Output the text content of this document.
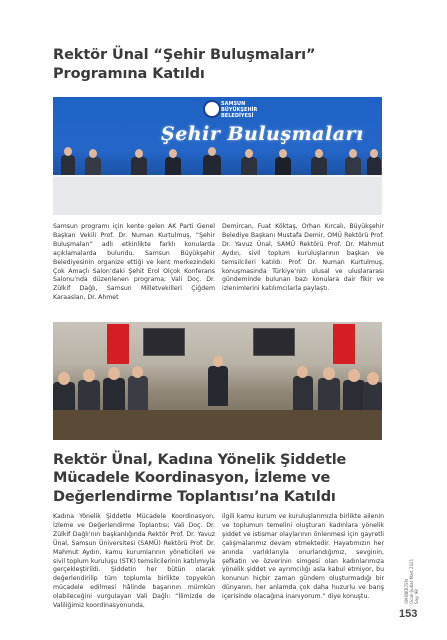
Rektör Ünal “Şehir Buluşmaları” Programına Katıldı
SAMSUN
BÜYÜKŞEHİR
BELEDİYESİ
Şehir Buluşmaları

Samsun programı için kente gelen AK Parti Genel Başkan Vekili Prof. Dr. Numan Kurtulmuş, “Şehir Buluşmaları” adlı etkinlikte farklı konularda açıklamalarda bulundu. Samsun Büyükşehir Belediyesinin organize ettiği ve kent merkezindeki Çok Amaçlı Salon’daki Şehit Erol Olçok Konferans Salonu’nda düzenlenen programa; Vali Doç. Dr. Zülkif Dağlı, Samsun Milletvekilleri Çiğdem Karaaslan, Dr. Ahmet

Demircan, Fuat Köktaş, Orhan Kırcalı, Büyükşehir Belediye Başkanı Mustafa Demir, OMÜ Rektörü Prof. Dr. Yavuz Ünal, SAMÜ Rektörü Prof. Dr. Mahmut Aydın, sivil toplum kuruluşlarının başkan ve temsilcileri katıldı. Prof. Dr. Numan Kurtulmuş, konuşmasında Türkiye’nin ulusal ve uluslararası gündeminde bulunan bazı konulara dair fikir ve izlenimlerini katılımcılarla paylaştı.

Rektör Ünal, Kadına Yönelik Şiddetle Mücadele Koordinasyon, İzleme ve Değerlendirme Toplantısı’na Katıldı

Kadına Yönelik Şiddetle Mücadele Koordinasyon, İzleme ve Değerlendirme Toplantısı; Vali Doç. Dr. Zülkif Dağlı’nın başkanlığında Rektör Prof. Dr. Yavuz Ünal, Samsun Üniversitesi (SAMÜ) Rektörü Prof. Dr. Mahmut Aydın, kamu kurumlarının yöneticileri ve sivil toplum kuruluşu (STK) temsilcilerinin katılımıyla gerçekleştirildi. Şiddetin her bütün olarak değerlendirilip tüm toplumla birlikte topyekûn mücadele edilmesi hâlinde başarının mümkün olabileceğini vurgulayan Vali Dağlı: “İlimizde de Valiliğimiz koordinasyonunda,

ilgili kamu kurum ve kuruluşlarımızla birlikte ailenin ve toplumun temelini oluşturan kadınlara yönelik şiddet ve istismar olaylarının önlenmesi için gayretli çalışmalarımız devam etmektedir. Hayatımızın her anında varlıklarıyla onurlandığımız, sevginin, şefkatin ve özverinin simgesi olan kadınlarımıza yönelik şiddet ve ayrımcılığı asla kabul etmiyor, bu konunun hiçbir zaman gündem oluşturmadığı bir dünyanın, her anlamda çok daha huzurlu ve barış içerisinde olacağına inanıyorum.” diye konuştu.	OMÜBÜLTEN Ocak-Şubat-Mart 2021 Sayı 98
153
